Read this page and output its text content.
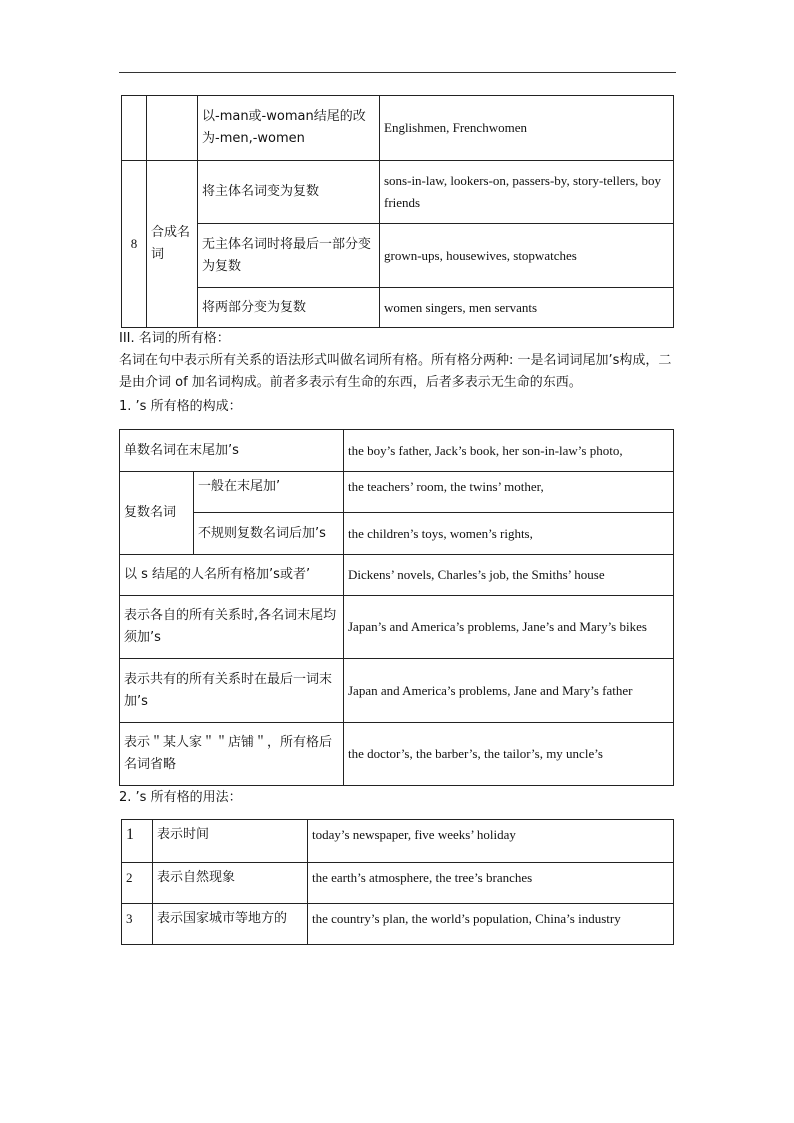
		以-man或-woman结尾的改为-men,-women	Englishmen, Frenchwomen
8	合成名词	将主体名词变为复数	sons-in-law, lookers-on, passers-by, story-tellers, boy friends
		无主体名词时将最后一部分变为复数	grown-ups, housewives, stopwatches
		将两部分变为复数	women singers, men servants
III. 名词的所有格：
名词在句中表示所有关系的语法形式叫做名词所有格。所有格分两种: 一是名词词尾加’s构成，二是由介词 of 加名词构成。前者多表示有生命的东西，后者多表示无生命的东西。
1. ’s 所有格的构成：
单数名词在末尾加’s		the boy’s father, Jack’s book, her son-in-law’s photo,
复数名词	一般在末尾加’	the teachers’ room, the twins’ mother,
	不规则复数名词后加’s	the children’s toys, women’s rights,
以 s 结尾的人名所有格加’s或者’		Dickens’ novels, Charles’s job, the Smiths’ house
表示各自的所有关系时,各名词末尾均须加’s		Japan’s and America’s problems, Jane’s and Mary’s bikes
表示共有的所有关系时在最后一词末加’s		Japan and America’s problems, Jane and Mary’s father
表示＂某人家＂＂店铺＂，所有格后名词省略		the doctor’s, the barber’s, the tailor’s, my uncle’s
2. ’s 所有格的用法：
1	表示时间	today’s newspaper, five weeks’ holiday
2	表示自然现象	the earth’s atmosphere, the tree’s branches
3	表示国家城市等地方的	the country’s plan, the world’s population, China’s industry
